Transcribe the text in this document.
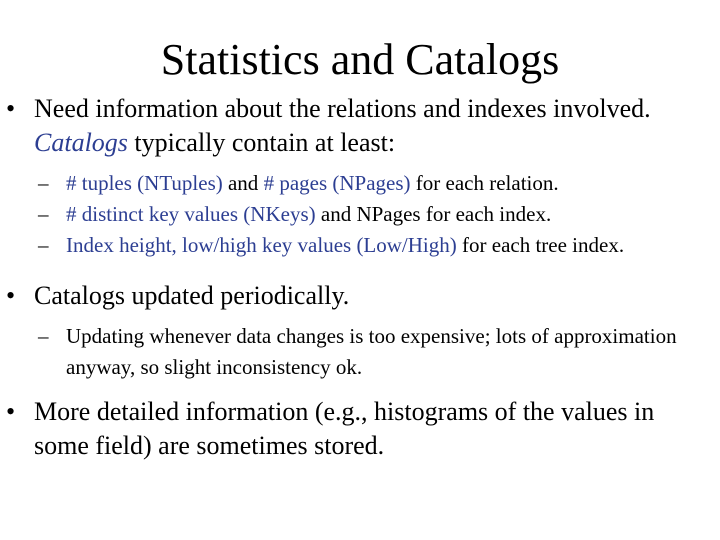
Statistics and Catalogs
• Need information about the relations and indexes involved.
Catalogs typically contain at least:
– # tuples (NTuples) and # pages (NPages) for each relation.
– # distinct key values (NKeys) and NPages for each index.
– Index height, low/high key values (Low/High) for each tree index.
• Catalogs updated periodically.
– Updating whenever data changes is too expensive; lots of approximation anyway, so slight inconsistency ok.
• More detailed information (e.g., histograms of the values in some field) are sometimes stored.
